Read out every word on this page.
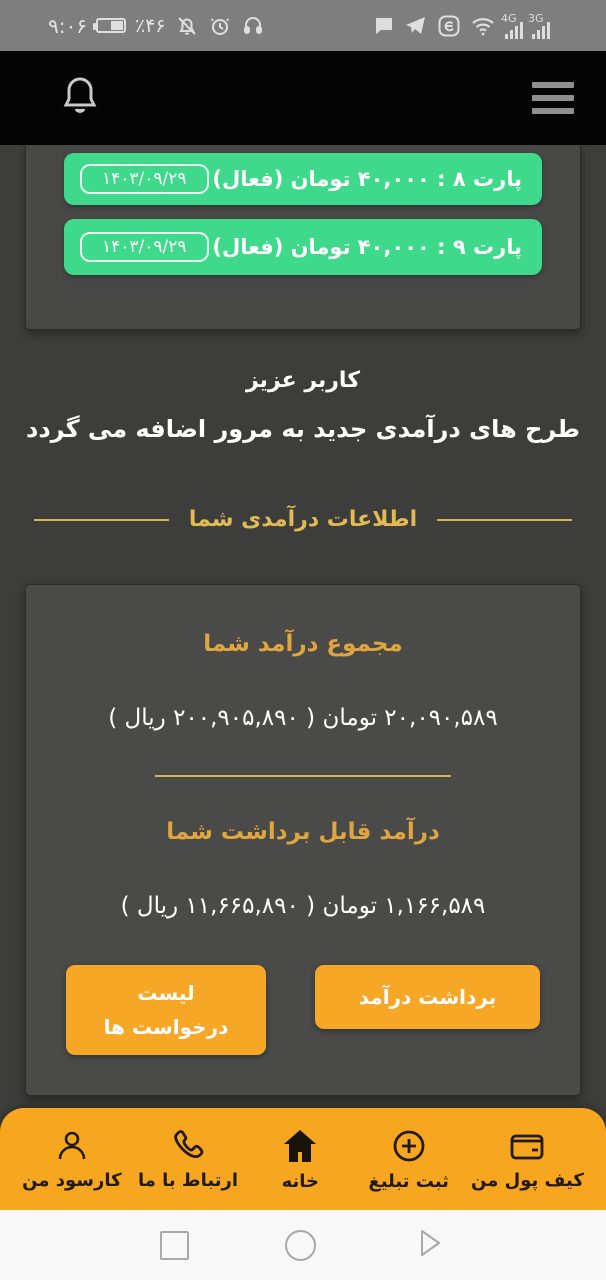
۹:۰۶	٪۴۶	4G 3G
پارت ۸ : ۴۰,۰۰۰ تومان (فعال)
۱۴۰۳/۰۹/۲۹
پارت ۹ : ۴۰,۰۰۰ تومان (فعال)
۱۴۰۳/۰۹/۲۹
کاربر عزیز
طرح های درآمدی جدید به مرور اضافه می گردد
اطلاعات درآمدی شما
مجموع درآمد شما
۲۰,۰۹۰,۵۸۹ تومان ( ۲۰۰,۹۰۵,۸۹۰ ریال )
درآمد قابل برداشت شما
۱,۱۶۶,۵۸۹ تومان ( ۱۱,۶۶۵,۸۹۰ ریال )
لیست درخواست ها
برداشت درآمد
کارسود من ارتباط با ما خانه	ثبت تبلیغ کیف پول من
